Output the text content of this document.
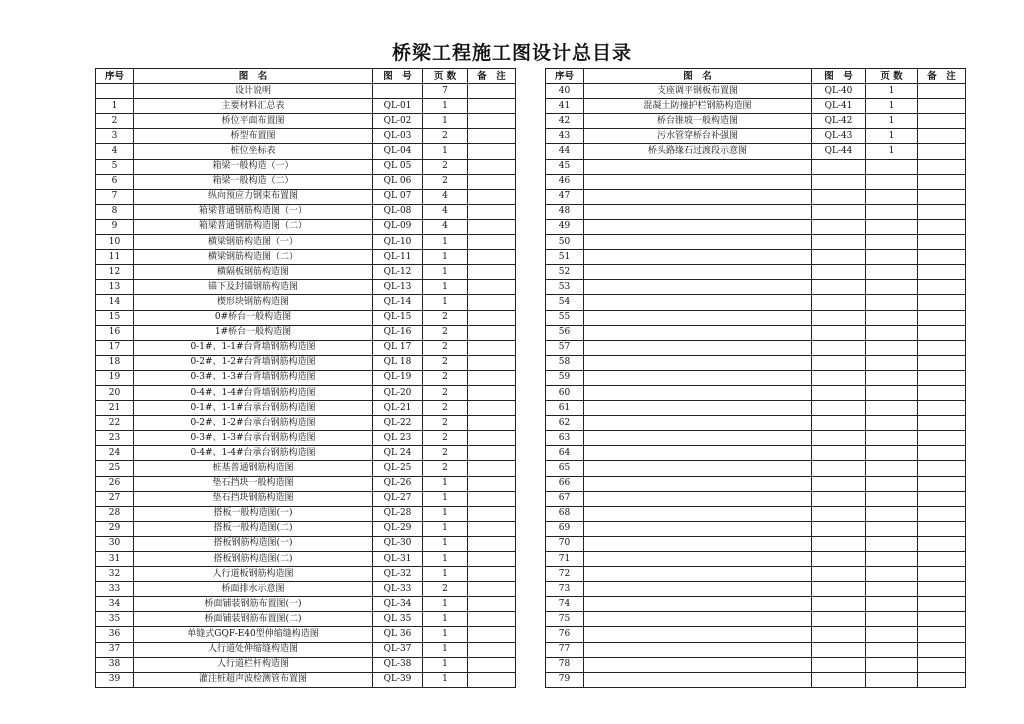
桥梁工程施工图设计总目录
序号	图　名	图　号	页 数	备　注
	设计说明		7	
1	主要材料汇总表	QL-01	1	
2	桥位平面布置图	QL-02	1	
3	桥型布置图	QL-03	2	
4	桩位坐标表	QL-04	1	
5	箱梁一般构造（一）	QL 05	2	
6	箱梁一般构造（二）	QL 06	2	
7	纵向预应力钢束布置图	QL 07	4	
8	箱梁普通钢筋构造图（一）	QL-08	4	
9	箱梁普通钢筋构造图（二）	QL-09	4	
10	横梁钢筋构造图（一）	QL-10	1	
11	横梁钢筋构造图（二）	QL-11	1	
12	横隔板钢筋构造图	QL-12	1	
13	锚下及封锚钢筋构造图	QL-13	1	
14	楔形块钢筋构造图	QL-14	1	
15	0#桥台一般构造图	QL-15	2	
16	1#桥台一般构造图	QL-16	2	
17	0-1#、1-1#台背墙钢筋构造图	QL 17	2	
18	0-2#、1-2#台背墙钢筋构造图	QL 18	2	
19	0-3#、1-3#台背墙钢筋构造图	QL-19	2	
20	0-4#、1-4#台背墙钢筋构造图	QL-20	2	
21	0-1#、1-1#台承台钢筋构造图	QL-21	2	
22	0-2#、1-2#台承台钢筋构造图	QL-22	2	
23	0-3#、1-3#台承台钢筋构造图	QL 23	2	
24	0-4#、1-4#台承台钢筋构造图	QL 24	2	
25	桩基普通钢筋构造图	QL-25	2	
26	垫石挡块一般构造图	QL-26	1	
27	垫石挡块钢筋构造图	QL-27	1	
28	搭板一般构造图(一)	QL-28	1	
29	搭板一般构造图(二)	QL-29	1	
30	搭板钢筋构造图(一)	QL-30	1	
31	搭板钢筋构造图(二)	QL-31	1	
32	人行道板钢筋构造图	QL-32	1	
33	桥面排水示意图	QL-33	2	
34	桥面铺装钢筋布置图(一)	QL-34	1	
35	桥面铺装钢筋布置图(二)	QL 35	1	
36	单缝式GQF-E40型伸缩缝构造图	QL 36	1	
37	人行道处伸缩缝构造图	QL-37	1	
38	人行道栏杆构造图	QL-38	1	
39	灌注桩超声波检测管布置图	QL-39	1	
序号	图　名	图　号	页 数	备　注
40	支座调平钢板布置图	QL-40	1	
41	混凝土防撞护栏钢筋构造图	QL-41	1	
42	桥台锥坡一般构造图	QL-42	1	
43	污水管穿桥台补强图	QL-43	1	
44	桥头路缘石过渡段示意图	QL-44	1	
45				
46				
47				
48				
49				
50				
51				
52				
53				
54				
55				
56				
57				
58				
59				
60				
61				
62				
63				
64				
65				
66				
67				
68				
69				
70				
71				
72				
73				
74				
75				
76				
77				
78				
79				
